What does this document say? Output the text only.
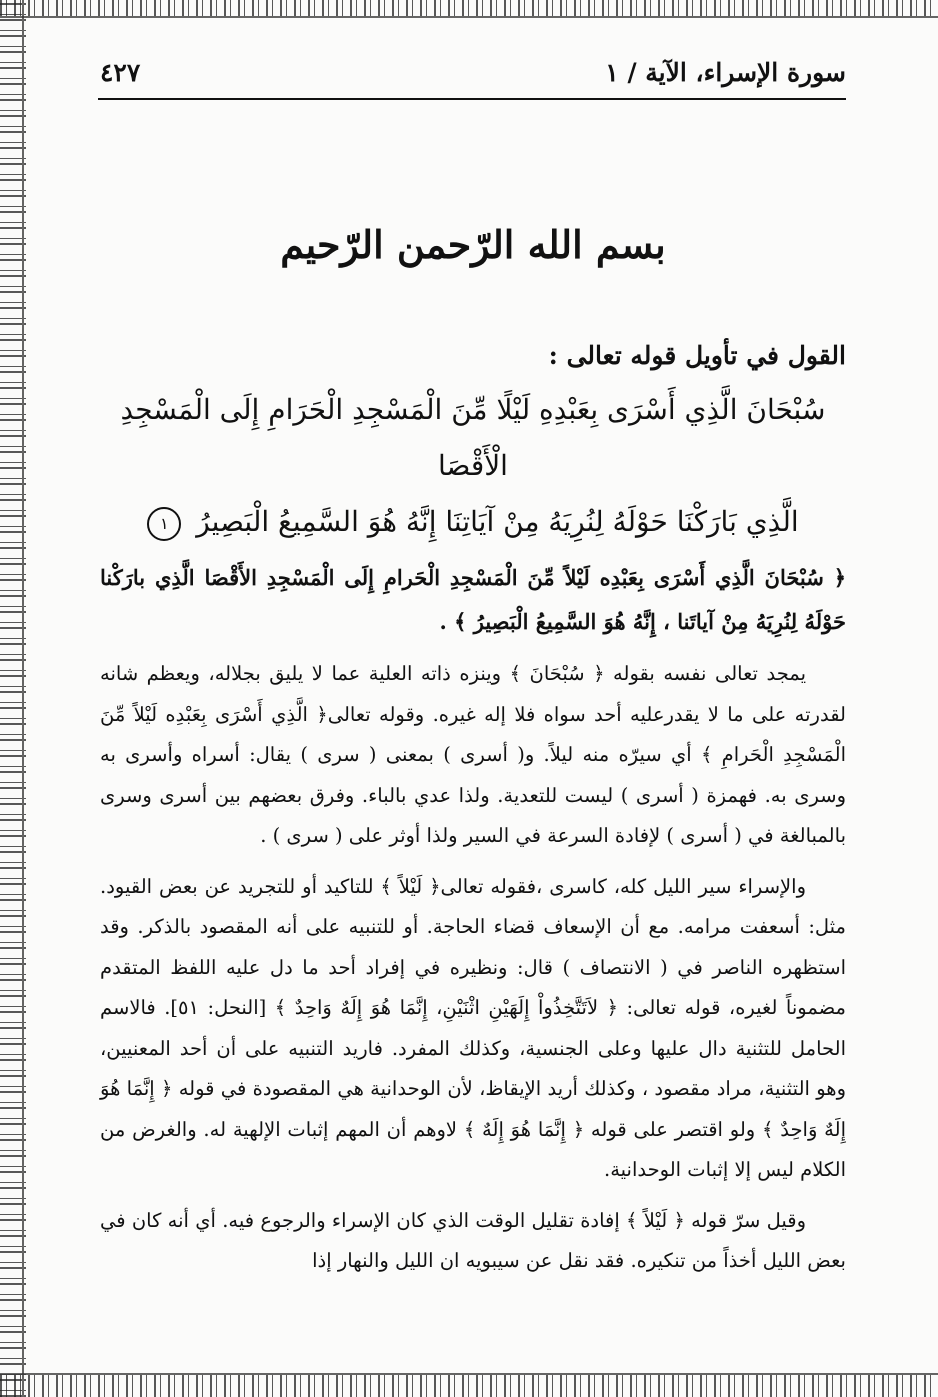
سورة الإسراء، الآية / ١
٤٢٧
بسم الله الرّحمن الرّحيم
القول في تأويل قوله تعالى :
سُبْحَانَ الَّذِي أَسْرَى بِعَبْدِهِ لَيْلًا مِّنَ الْمَسْجِدِ الْحَرَامِ إِلَى الْمَسْجِدِ الْأَقْصَا
الَّذِي بَارَكْنَا حَوْلَهُ لِنُرِيَهُ مِنْ آيَاتِنَا إِنَّهُ هُوَ السَّمِيعُ الْبَصِيرُ ١

﴿ سُبْحَانَ الَّذِي أَسْرَى بِعَبْدِه لَيْلاً مِّنَ الْمَسْجِدِ الْحَرامِ إِلَى الْمَسْجِدِ الأَقْصَا الَّذِي بارَكْنا حَوْلَهُ لِنُرِيَهُ مِنْ آياتَنا ، إِنَّهُ هُوَ السَّمِيعُ الْبَصِيرُ ﴾ .

يمجد تعالى نفسه بقوله ﴿ سُبْحَانَ ﴾ وينزه ذاته العلية عما لا يليق بجلاله، ويعظم شانه لقدرته على ما لا يقدرعليه أحد سواه فلا إله غيره. وقوله تعالى﴿ الَّذِي أَسْرَى بِعَبْدِه لَيْلاً مِّنَ الْمَسْجِدِ الْحَرامِ ﴾ أي سيرّه منه ليلاً. و( أسرى ) بمعنى ( سرى ) يقال: أسراه وأسرى به وسرى به. فهمزة ( أسرى ) ليست للتعدية. ولذا عدي بالباء. وفرق بعضهم بين أسرى وسرى بالمبالغة في ( أسرى ) لإفادة السرعة في السير ولذا أوثر على ( سرى ) .

والإسراء سير الليل كله، كاسرى ،فقوله تعالى﴿ لَيْلاً ﴾ للتاكيد أو للتجريد عن بعض القيود. مثل: أسعفت مرامه. مع أن الإسعاف قضاء الحاجة. أو للتنبيه على أنه المقصود بالذكر. وقد استظهره الناصر في ( الانتصاف ) قال: ونظيره في إفراد أحد ما دل عليه اللفظ المتقدم مضموناً لغيره، قوله تعالى: ﴿ لاَتَتَّخِذُواْ إِلَهَيْنِ اثْنَيْنِ، إِنَّمَا هُوَ إِلَهٌ وَاحِدٌ ﴾ [النحل: ٥١]. فالاسم الحامل للتثنية دال عليها وعلى الجنسية، وكذلك المفرد. فاريد التنبيه على أن أحد المعنيين، وهو التثنية، مراد مقصود ، وكذلك أريد الإيقاظ، لأن الوحدانية هي المقصودة في قوله ﴿ إِنَّمَا هُوَ إِلَهٌ وَاحِدٌ ﴾ ولو اقتصر على قوله ﴿ إِنَّمَا هُوَ إِلَهٌ ﴾ لاوهم أن المهم إثبات الإلهية له. والغرض من الكلام ليس إلا إثبات الوحدانية.

وقيل سرّ قوله ﴿ لَيْلاً ﴾ إفادة تقليل الوقت الذي كان الإسراء والرجوع فيه. أي أنه كان في بعض الليل أخذاً من تنكيره. فقد نقل عن سيبويه ان الليل والنهار إذا
